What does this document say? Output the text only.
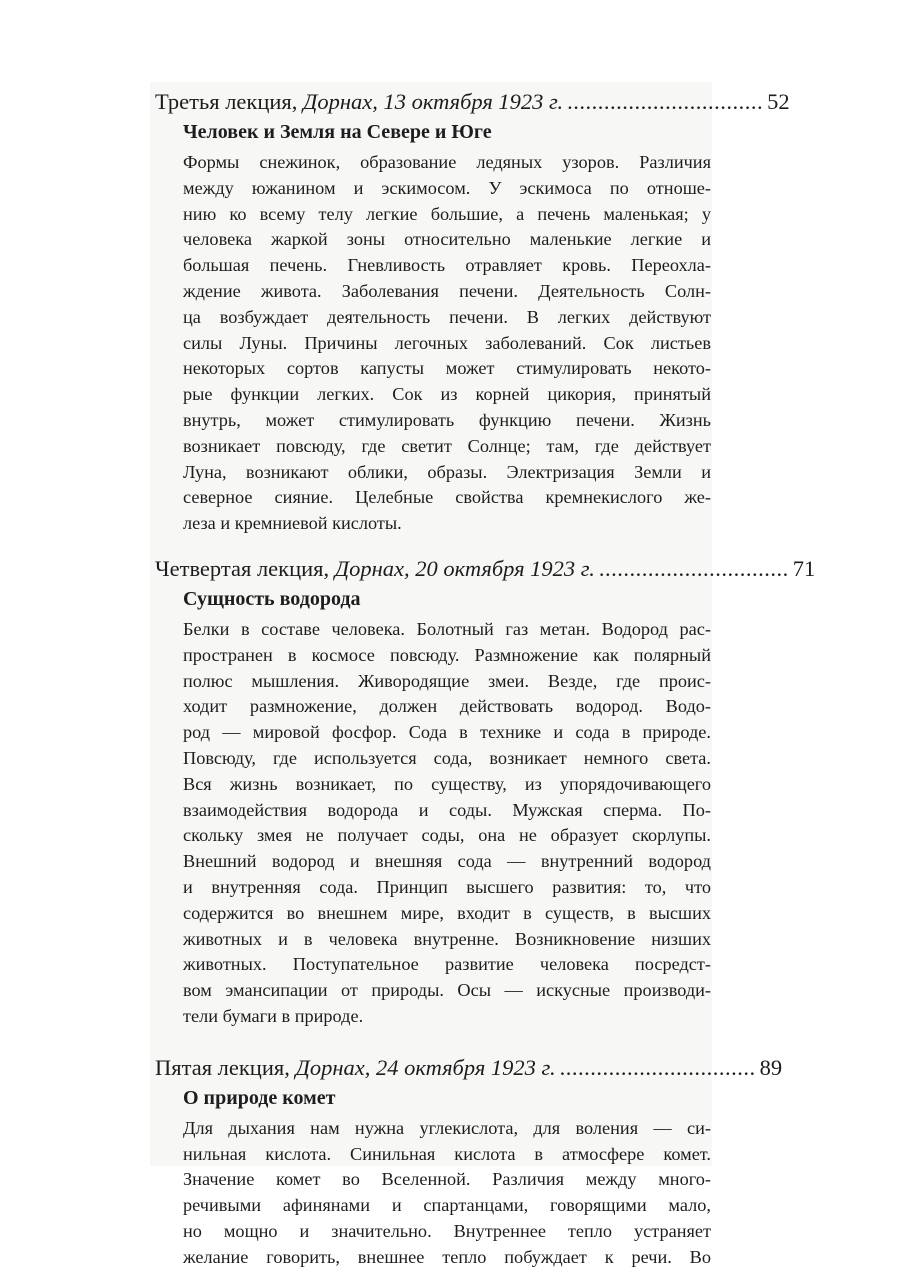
Третья лекция,
Дорнах, 13 октября 1923 г. ................................ 52
Человек и Земля на Севере и Юге
Формы снежинок, образование ледяных узоров. Различия
между южанином и эскимосом. У эскимоса по отноше-
нию ко всему телу легкие большие, а печень маленькая; у
человека жаркой зоны относительно маленькие легкие и
большая печень. Гневливость отравляет кровь. Переохла-
ждение живота. Заболевания печени. Деятельность Солн-
ца возбуждает деятельность печени. В легких действуют
силы Луны. Причины легочных заболеваний. Сок листьев
некоторых сортов капусты может стимулировать некото-
рые функции легких. Сок из корней цикория, принятый
внутрь, может стимулировать функцию печени. Жизнь
возникает повсюду, где светит Солнце; там, где действует
Луна, возникают облики, образы. Электризация Земли и
северное сияние. Целебные свойства кремнекислого же-
леза и кремниевой кислоты.
Четвертая лекция,
Дорнах, 20 октября 1923 г. ............................... 71
Сущность водорода
Белки в составе человека. Болотный газ метан. Водород рас-
пространен в космосе повсюду. Размножение как полярный
полюс мышления. Живородящие змеи. Везде, где проис-
ходит размножение, должен действовать водород. Водо-
род — мировой фосфор. Сода в технике и сода в природе.
Повсюду, где используется сода, возникает немного света.
Вся жизнь возникает, по существу, из упорядочивающего
взаимодействия водорода и соды. Мужская сперма. По-
скольку змея не получает соды, она не образует скорлупы.
Внешний водород и внешняя сода — внутренний водород
и внутренняя сода. Принцип высшего развития: то, что
содержится во внешнем мире, входит в существ, в высших
животных и в человека внутренне. Возникновение низших
животных. Поступательное развитие человека посредст-
вом эмансипации от природы. Осы — искусные производи-
тели бумаги в природе.
Пятая лекция,
Дорнах, 24 октября 1923 г. ................................ 89
О природе комет
Для дыхания нам нужна углекислота, для воления — си-
нильная кислота. Синильная кислота в атмосфере комет.
Значение комет во Вселенной. Различия между много-
речивыми афинянами и спартанцами, говорящими мало,
но мощно и значительно. Внутреннее тепло устраняет
желание говорить, внешнее тепло побуждает к речи. Во
